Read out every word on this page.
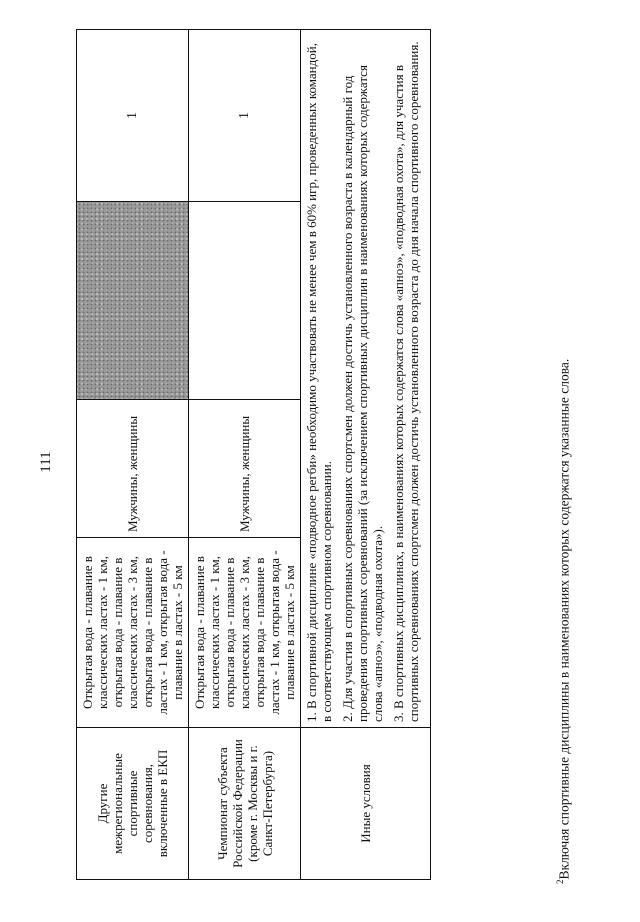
111
Другие межрегиональные спортивные соревнования, включенные в ЕКП	Открытая вода - плавание в классических ластах - 1 км, открытая вода - плавание в классических ластах - 3 км, открытая вода - плавание в ластах - 1 км, открытая вода - плавание в ластах - 5 км	Мужчины, женщины		1
Чемпионат субъекта Российской Федерации (кроме г. Москвы и г. Санкт-Петербурга)	Открытая вода - плавание в классических ластах - 1 км, открытая вода - плавание в классических ластах - 3 км, открытая вода - плавание в ластах - 1 км, открытая вода - плавание в ластах - 5 км	Мужчины, женщины		1
Иные условия	1. В спортивной дисциплине «подводное регби» необходимо участвовать не менее чем в 60% игр, проведенных командой, в соответствующем спортивном соревновании. 2. Для участия в спортивных соревнованиях спортсмен должен достичь установленного возраста в календарный год проведения спортивных соревнований (за исключением спортивных дисциплин в наименованиях которых содержатся слова «апноэ», «подводная охота»). 3. В спортивных дисциплинах, в наименованиях которых содержатся слова «апноэ», «подводная охота», для участия в спортивных соревнованиях спортсмен должен достичь установленного возраста до дня начала спортивного соревнования.			

$^2$Включая спортивные дисциплины в наименованиях которых содержатся указанные слова.
